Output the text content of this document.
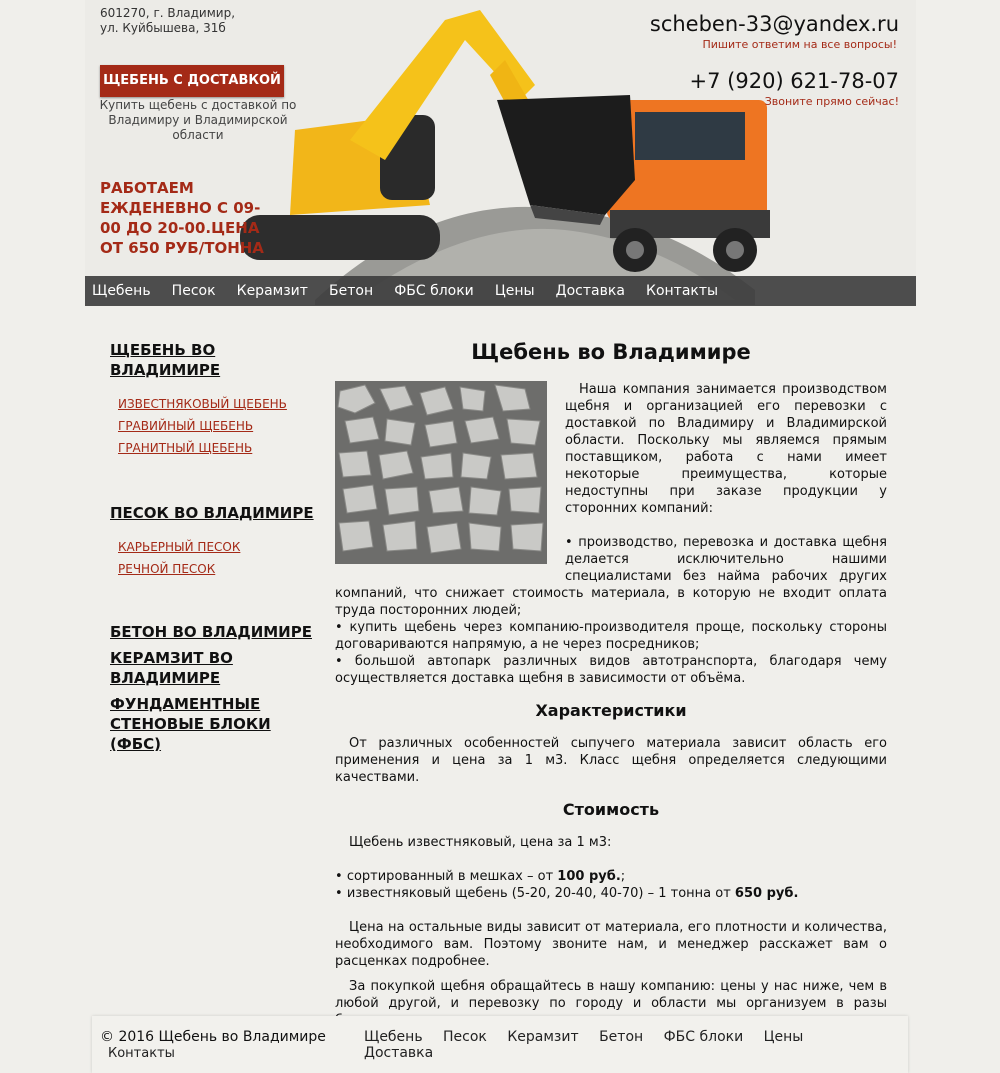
601270, г. Владимир,
ул. Куйбышева, 31б
ЩЕБЕНЬ С ДОСТАВКОЙ
Купить щебень с доставкой по Владимиру и Владимирской области
РАБОТАЕМ ЕЖДЕНЕВНО С 09-00 ДО 20-00.ЦЕНА ОТ 650 РУБ/ТОННА
scheben-33@yandex.ru
Пишите ответим на все вопросы!
+7 (920) 621-78-07
Звоните прямо сейчас!
Щебень Песок Керамзит Бетон ФБС блоки Цены Доставка Контакты
ЩЕБЕНЬ ВО ВЛАДИМИРЕ
ИЗВЕСТНЯКОВЫЙ ЩЕБЕНЬ
ГРАВИЙНЫЙ ЩЕБЕНЬ
ГРАНИТНЫЙ ЩЕБЕНЬ
ПЕСОК ВО ВЛАДИМИРЕ
КАРЬЕРНЫЙ ПЕСОК
РЕЧНОЙ ПЕСОК
БЕТОН ВО ВЛАДИМИРЕ
КЕРАМЗИТ ВО ВЛАДИМИРЕ
ФУНДАМЕНТНЫЕ СТЕНОВЫЕ БЛОКИ (ФБС)
Щебень во Владимире

Наша компания занимается производством щебня и организацией его перевозки с доставкой по Владимиру и Владимирской области. Поскольку мы являемся прямым поставщиком, работа с нами имеет некоторые преимущества, которые недоступны при заказе продукции у сторонних компаний:

• производство, перевозка и доставка щебня делается исключительно нашими специалистами без найма рабочих других компаний, что снижает стоимость материала, в которую не входит оплата труда посторонних людей;

• купить щебень через компанию-производителя проще, поскольку стороны договариваются напрямую, а не через посредников;

• большой автопарк различных видов автотранспорта, благодаря чему осуществляется доставка щебня в зависимости от объёма.

Характеристики

От различных особенностей сыпучего материала зависит область его применения и цена за 1 м3. Класс щебня определяется следующими качествами.

Стоимость

Щебень известняковый, цена за 1 м3:

• сортированный в мешках – от 100 руб.;

• известняковый щебень (5-20, 20-40, 40-70) – 1 тонна от 650 руб.

Цена на остальные виды зависит от материала, его плотности и количества, необходимого вам. Поэтому звоните нам, и менеджер расскажет вам о расценках подробнее.

За покупкой щебня обращайтесь в нашу компанию: цены у нас ниже, чем в любой другой, и перевозку по городу и области мы организуем в разы

© 2016 Щебень во Владимире	Щебень Песок Керамзит Бетон ФБС блоки Цены Доставка
Контакты
